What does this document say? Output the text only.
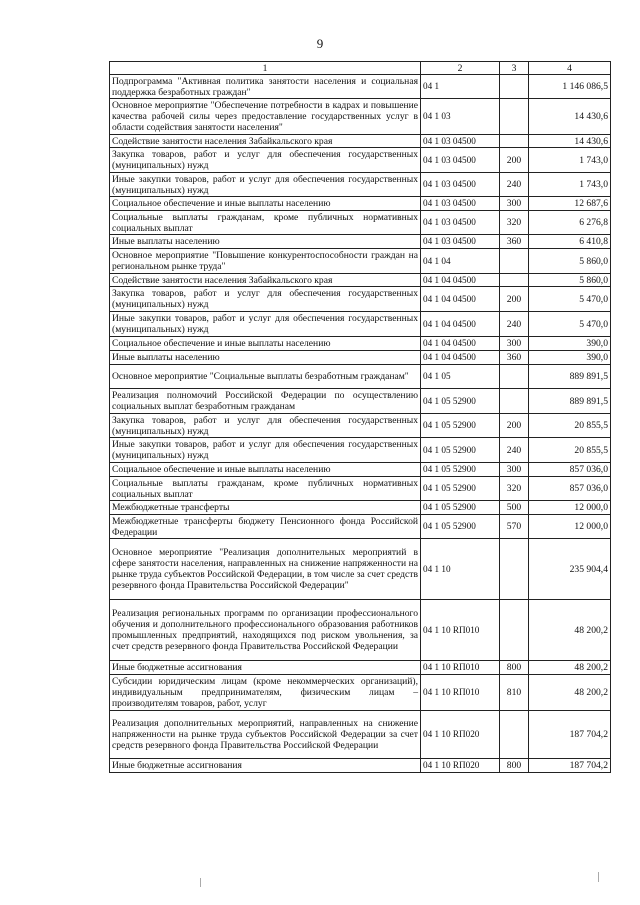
9
1	2	3	4
Подпрограмма "Активная политика занятости населения и социальная поддержка безработных граждан"	04 1		1 146 086,5
Основное мероприятие "Обеспечение потребности в кадрах и повышение качества рабочей силы через предоставление государственных услуг в области содействия занятости населения"	04 1 03		14 430,6
Содействие занятости населения Забайкальского края	04 1 03 04500		14 430,6
Закупка товаров, работ и услуг для обеспечения государственных (муниципальных) нужд	04 1 03 04500	200	1 743,0
Иные закупки товаров, работ и услуг для обеспечения государственных (муниципальных) нужд	04 1 03 04500	240	1 743,0
Социальное обеспечение и иные выплаты населению	04 1 03 04500	300	12 687,6
Социальные выплаты гражданам, кроме публичных нормативных социальных выплат	04 1 03 04500	320	6 276,8
Иные выплаты населению	04 1 03 04500	360	6 410,8
Основное мероприятие "Повышение конкурентоспособности граждан на региональном рынке труда"	04 1 04		5 860,0
Содействие занятости населения Забайкальского края	04 1 04 04500		5 860,0
Закупка товаров, работ и услуг для обеспечения государственных (муниципальных) нужд	04 1 04 04500	200	5 470,0
Иные закупки товаров, работ и услуг для обеспечения государственных (муниципальных) нужд	04 1 04 04500	240	5 470,0
Социальное обеспечение и иные выплаты населению	04 1 04 04500	300	390,0
Иные выплаты населению	04 1 04 04500	360	390,0
Основное мероприятие "Социальные выплаты безработным гражданам"	04 1 05		889 891,5
Реализация полномочий Российской Федерации по осуществлению социальных выплат безработным гражданам	04 1 05 52900		889 891,5
Закупка товаров, работ и услуг для обеспечения государственных (муниципальных) нужд	04 1 05 52900	200	20 855,5
Иные закупки товаров, работ и услуг для обеспечения государственных (муниципальных) нужд	04 1 05 52900	240	20 855,5
Социальное обеспечение и иные выплаты населению	04 1 05 52900	300	857 036,0
Социальные выплаты гражданам, кроме публичных нормативных социальных выплат	04 1 05 52900	320	857 036,0
Межбюджетные трансферты	04 1 05 52900	500	12 000,0
Межбюджетные трансферты бюджету Пенсионного фонда Российской Федерации	04 1 05 52900	570	12 000,0
Основное мероприятие "Реализация дополнительных мероприятий в сфере занятости населения, направленных на снижение напряженности на рынке труда субъектов Российской Федерации, в том числе за счет средств резервного фонда Правительства Российской Федерации"	04 1 10		235 904,4
Реализация региональных программ по организации профессионального обучения и дополнительного профессионального образования работников промышленных предприятий, находящихся под риском увольнения, за счет средств резервного фонда Правительства Российской Федерации	04 1 10 RП010		48 200,2
Иные бюджетные ассигнования	04 1 10 RП010	800	48 200,2
Субсидии юридическим лицам (кроме некоммерческих организаций), индивидуальным предпринимателям, физическим лицам – производителям товаров, работ, услуг	04 1 10 RП010	810	48 200,2
Реализация дополнительных мероприятий, направленных на снижение напряженности на рынке труда субъектов Российской Федерации за счет средств резервного фонда Правительства Российской Федерации	04 1 10 RП020		187 704,2
Иные бюджетные ассигнования	04 1 10 RП020	800	187 704,2
